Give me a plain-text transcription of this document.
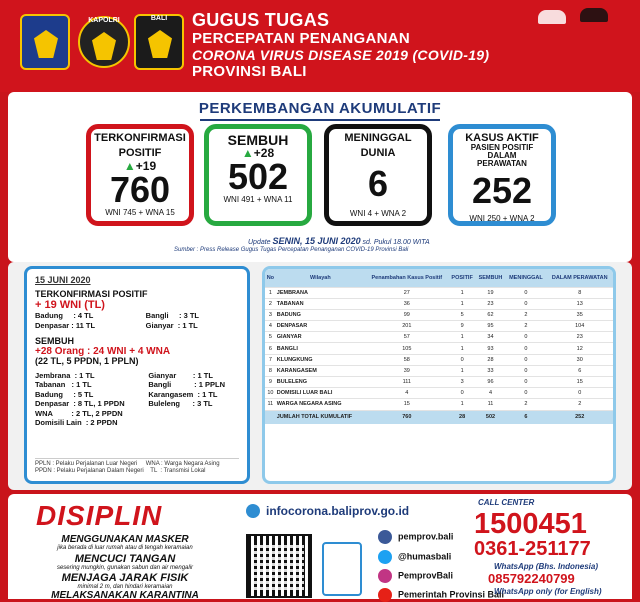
KAPOLRI	BALI	GUGUS TUGAS
PERCEPATAN PENANGANAN
CORONA VIRUS DISEASE 2019 (COVID-19)
PROVINSI BALI
PERKEMBANGAN AKUMULATIF
TERKONFIRMASI
POSITIF
▲+19
760
WNI 745 + WNA 15
SEMBUH
▲+28
502
WNI 491 + WNA 11
MENINGGAL
DUNIA
6
WNI 4 + WNA 2
KASUS AKTIF
PASIEN POSITIF DALAM PERAWATAN
252
WNI 250 + WNA 2
Update SENIN, 15 JUNI 2020 sd. Pukul 18.00 WITA
Sumber : Press Release Gugus Tugas Percepatan Penanganan COVID-19 Provinsi Bali
15 JUNI 2020
TERKONFIRMASI POSITIF
+ 19 WNI (TL)
Badung     : 4 TL
Denpasar : 11 TL
Bangli     : 3 TL
Gianyar  : 1 TL
SEMBUH
+28 Orang : 24 WNI + 4 WNA
(22 TL, 5 PPDN, 1 PPLN)
Jembrana  : 1 TL
Tabanan   : 1 TL
Badung     : 5 TL
Denpasar  : 8 TL, 1 PPDN
WNA         : 2 TL, 2 PPDN
Domisili Lain  : 2 PPDN
Gianyar        : 1 TL
Bangli           : 1 PPLN
Karangasem  : 1 TL
Buleleng      : 3 TL
PPLN : Pelaku Perjalanan Luar Negeri     WNA : Warga Negara Asing
PPDN : Pelaku Perjalanan Dalam Negeri    TL  : Transmisi Lokal
No	Wilayah	Penambahan Kasus Positif	POSITIF	SEMBUH	MENINGGAL	DALAM PERAWATAN
1	JEMBRANA	27	1	19	0	8
2	TABANAN	36	1	23	0	13
3	BADUNG	99	5	62	2	35
4	DENPASAR	201	9	95	2	104
5	GIANYAR	57	1	34	0	23
6	BANGLI	105	1	93	0	12
7	KLUNGKUNG	58	0	28	0	30
8	KARANGASEM	39	1	33	0	6
9	BULELENG	111	3	96	0	15
10	DOMISILI LUAR BALI	4	0	4	0	0
11	WARGA NEGARA ASING	15	1	11	2	2
	JUMLAH TOTAL KUMULATIF	760	28	502	6	252
DISIPLIN
MENGGUNAKAN MASKER
jika berada di luar rumah atau di tengah keramaian
MENCUCI TANGAN
sesering mungkin, gunakan sabun dan air mengalir
MENJAGA JARAK FISIK
minimal 2 m, dan hindari keramaian
MELAKSANAKAN KARANTINA
infocorona.baliprov.go.id
pemprov.bali
@humasbali
PemprovBali
Pemerintah Provinsi Bali
CALL CENTER
1500451
0361-251177
WhatsApp (Bhs. Indonesia)
085792240799
WhatsApp only (for English)
